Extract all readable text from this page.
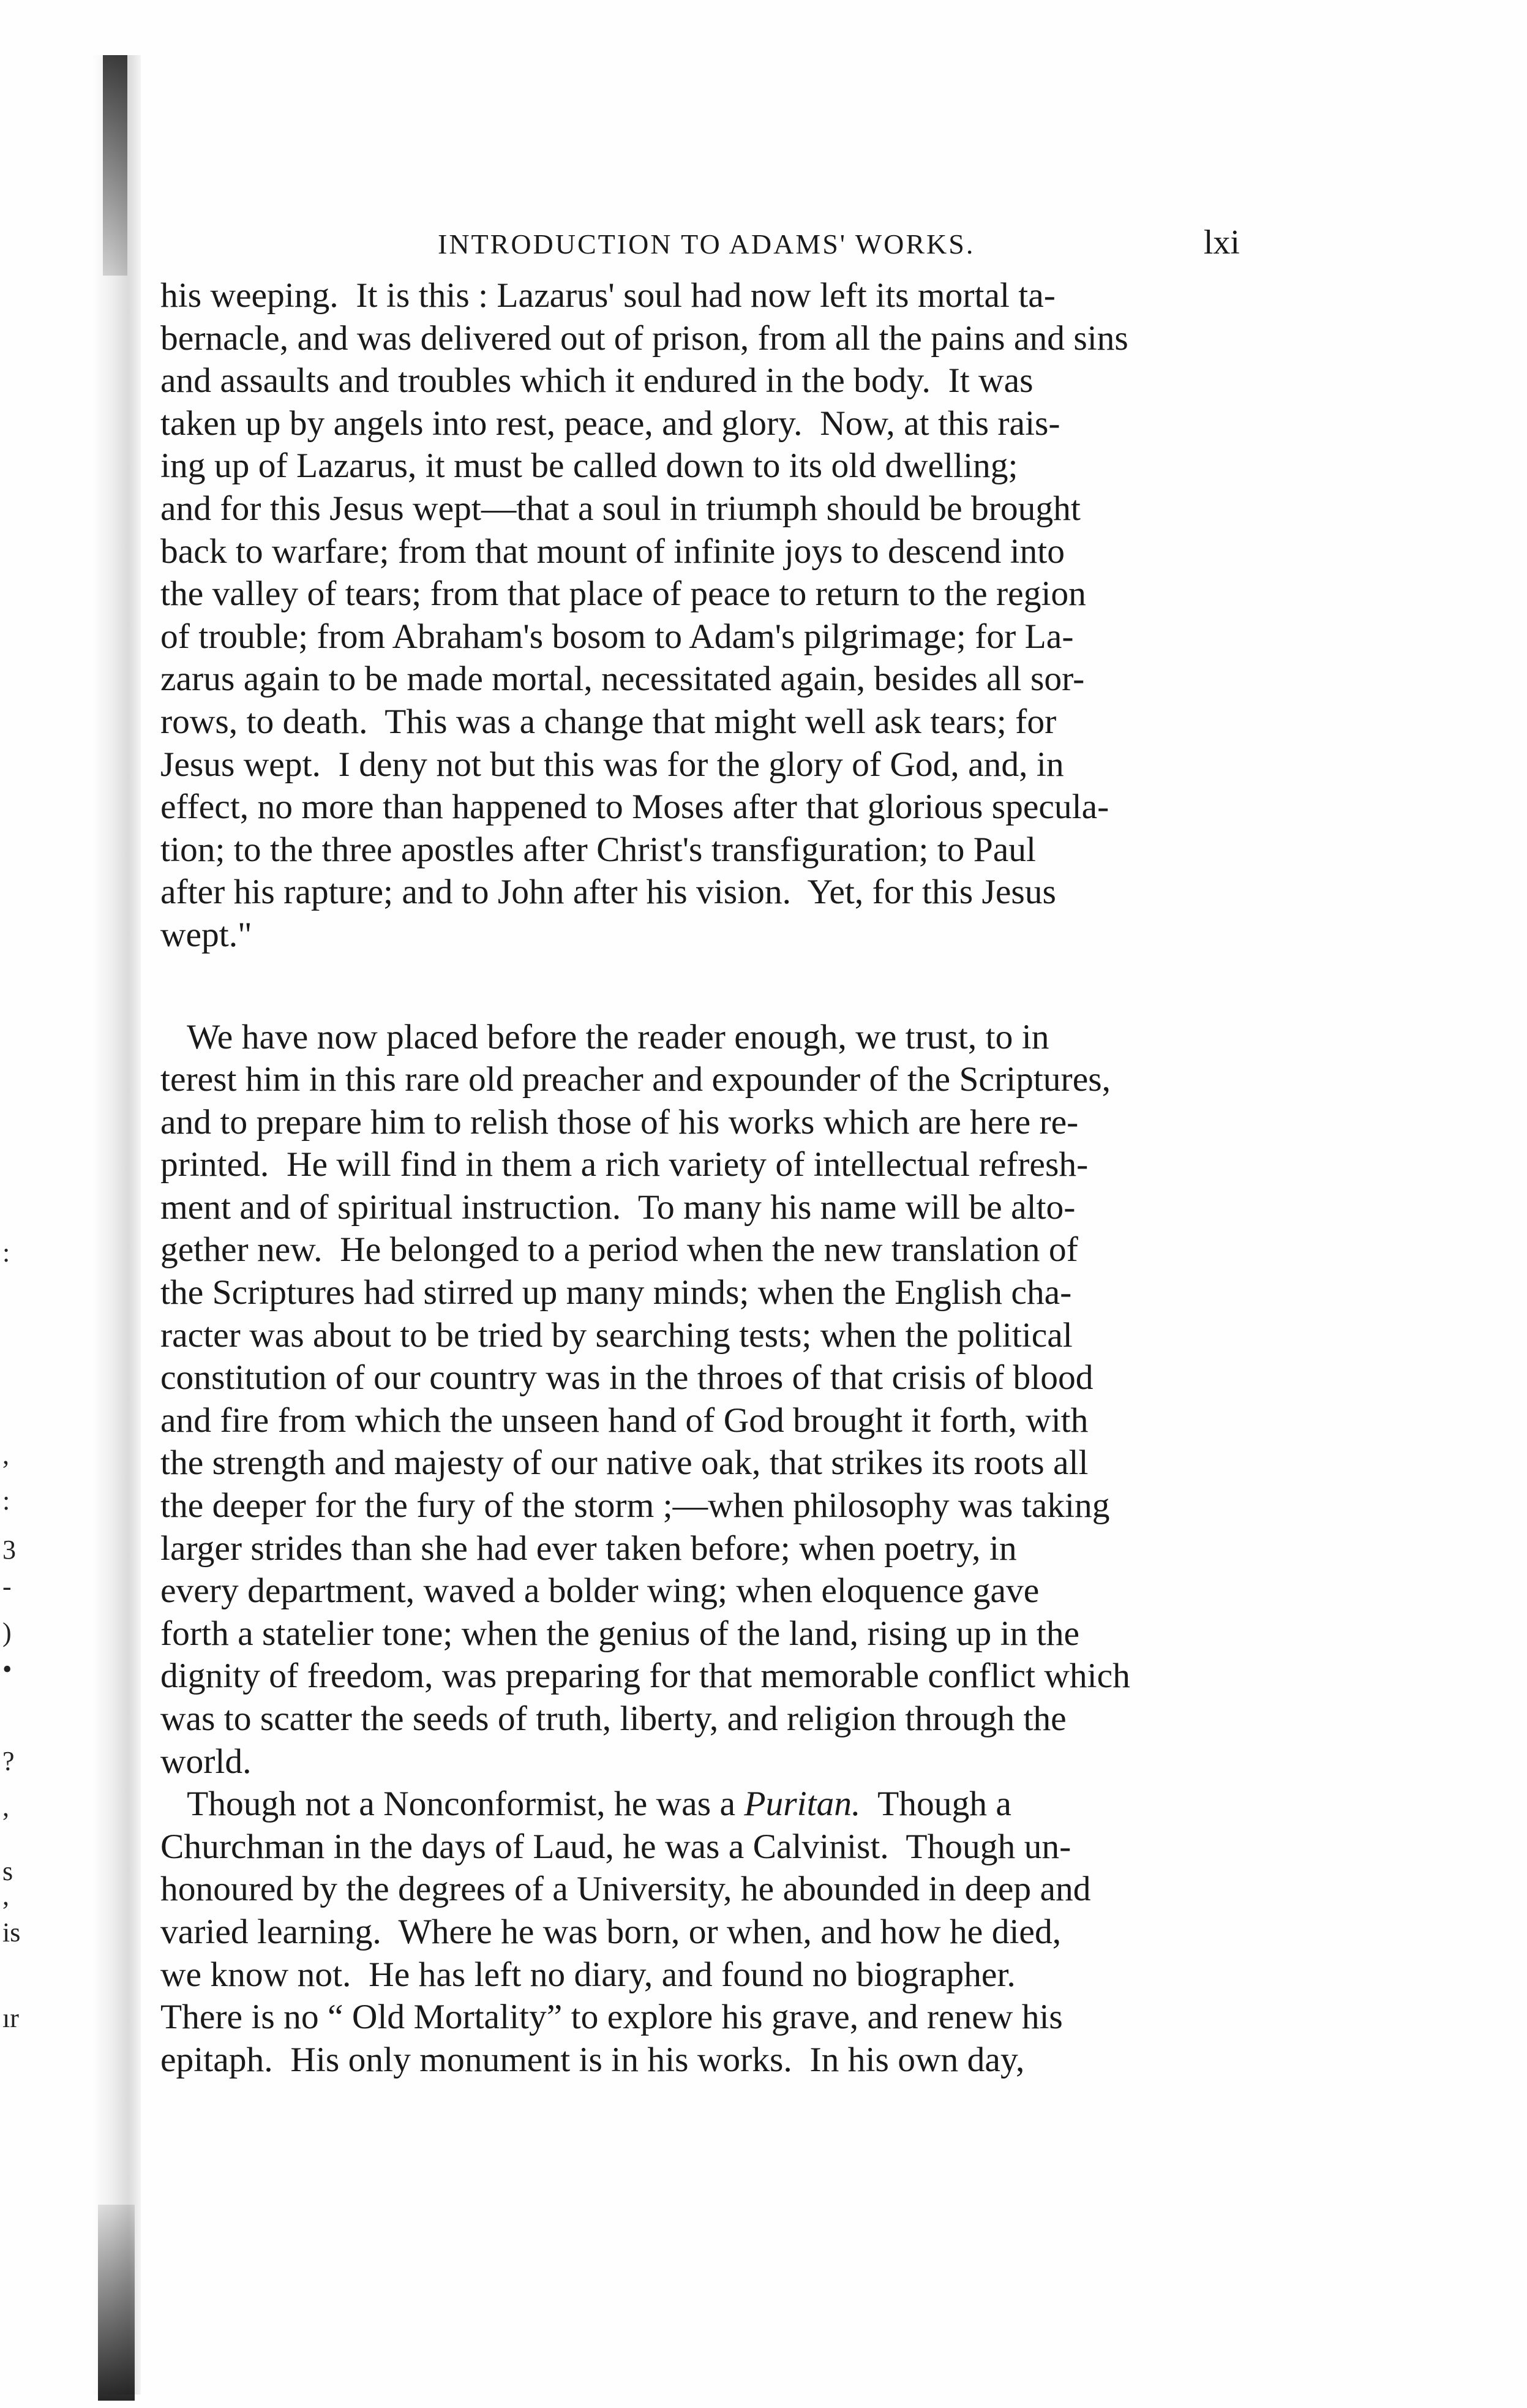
:
,
:
3
-
)
•
?
,
s
,
is
ır
INTRODUCTION TO ADAMS' WORKS.	lxi

his weeping.  It is this : Lazarus' soul had now left its mortal ta-

bernacle, and was delivered out of prison, from all the pains and sins

and assaults and troubles which it endured in the body.  It was

taken up by angels into rest, peace, and glory.  Now, at this rais-

ing up of Lazarus, it must be called down to its old dwelling;

and for this Jesus wept—that a soul in triumph should be brought

back to warfare; from that mount of infinite joys to descend into

the valley of tears; from that place of peace to return to the region

of trouble; from Abraham's bosom to Adam's pilgrimage; for La-

zarus again to be made mortal, necessitated again, besides all sor-

rows, to death.  This was a change that might well ask tears; for

Jesus wept.  I deny not but this was for the glory of God, and, in

effect, no more than happened to Moses after that glorious specula-

tion; to the three apostles after Christ's transfiguration; to Paul

after his rapture; and to John after his vision.  Yet, for this Jesus

wept."

We have now placed before the reader enough, we trust, to in

terest him in this rare old preacher and expounder of the Scriptures,

and to prepare him to relish those of his works which are here re-

printed.  He will find in them a rich variety of intellectual refresh-

ment and of spiritual instruction.  To many his name will be alto-

gether new.  He belonged to a period when the new translation of

the Scriptures had stirred up many minds; when the English cha-

racter was about to be tried by searching tests; when the political

constitution of our country was in the throes of that crisis of blood

and fire from which the unseen hand of God brought it forth, with

the strength and majesty of our native oak, that strikes its roots all

the deeper for the fury of the storm ;—when philosophy was taking

larger strides than she had ever taken before; when poetry, in

every department, waved a bolder wing; when eloquence gave

forth a statelier tone; when the genius of the land, rising up in the

dignity of freedom, was preparing for that memorable conflict which

was to scatter the seeds of truth, liberty, and religion through the

world.

Though not a Nonconformist, he was a Puritan.  Though a

Churchman in the days of Laud, he was a Calvinist.  Though un-

honoured by the degrees of a University, he abounded in deep and

varied learning.  Where he was born, or when, and how he died,

we know not.  He has left no diary, and found no biographer.

There is no “ Old Mortality” to explore his grave, and renew his

epitaph.  His only monument is in his works.  In his own day,
